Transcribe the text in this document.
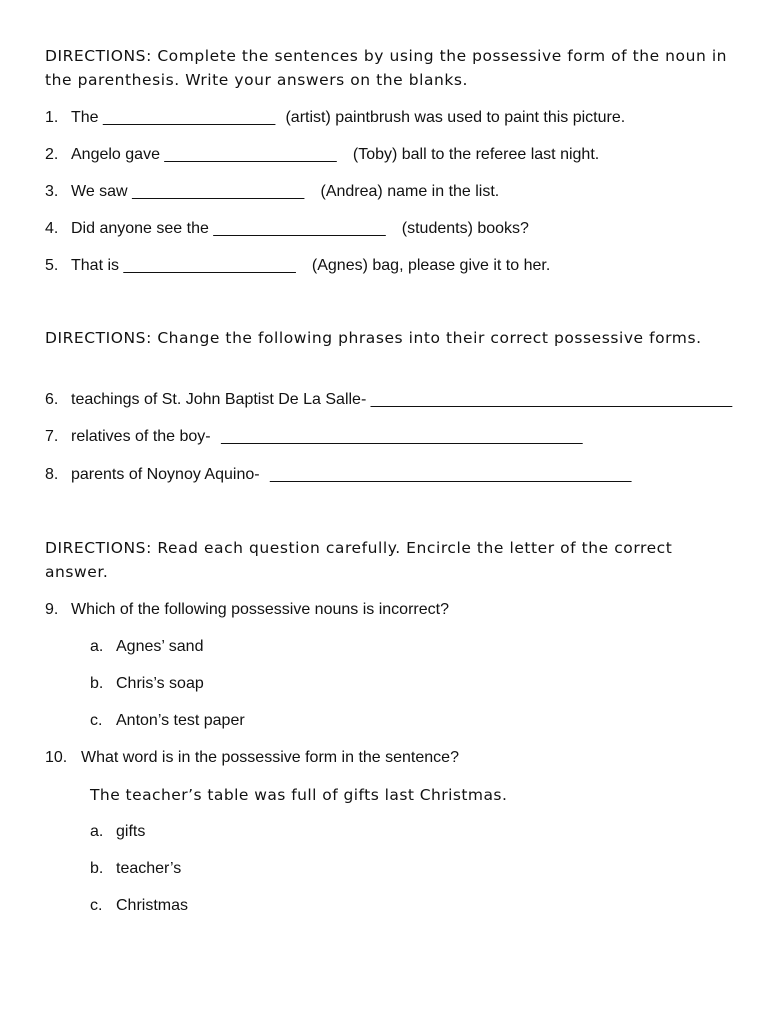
DIRECTIONS: Complete the sentences by using the possessive form of the noun in the parenthesis. Write your answers on the blanks.

1. The ____________________ (artist) paintbrush was used to paint this picture.
2. Angelo gave ____________________ (Toby) ball to the referee last night.
3. We saw ____________________ (Andrea) name in the list.
4. Did anyone see the ____________________ (students) books?
5. That is ____________________ (Agnes) bag, please give it to her.

DIRECTIONS: Change the following phrases into their correct possessive forms.

6. teachings of St. John Baptist De La Salle- __________________________________________
7. relatives of the boy- __________________________________________
8. parents of Noynoy Aquino- __________________________________________

DIRECTIONS: Read each question carefully. Encircle the letter of the correct answer.

9. Which of the following possessive nouns is incorrect?
a. Agnes’ sand
b. Chris’s soap
c. Anton’s test paper
10. What word is in the possessive form in the sentence?

The teacher’s table was full of gifts last Christmas.

a. gifts
b. teacher’s
c. Christmas
